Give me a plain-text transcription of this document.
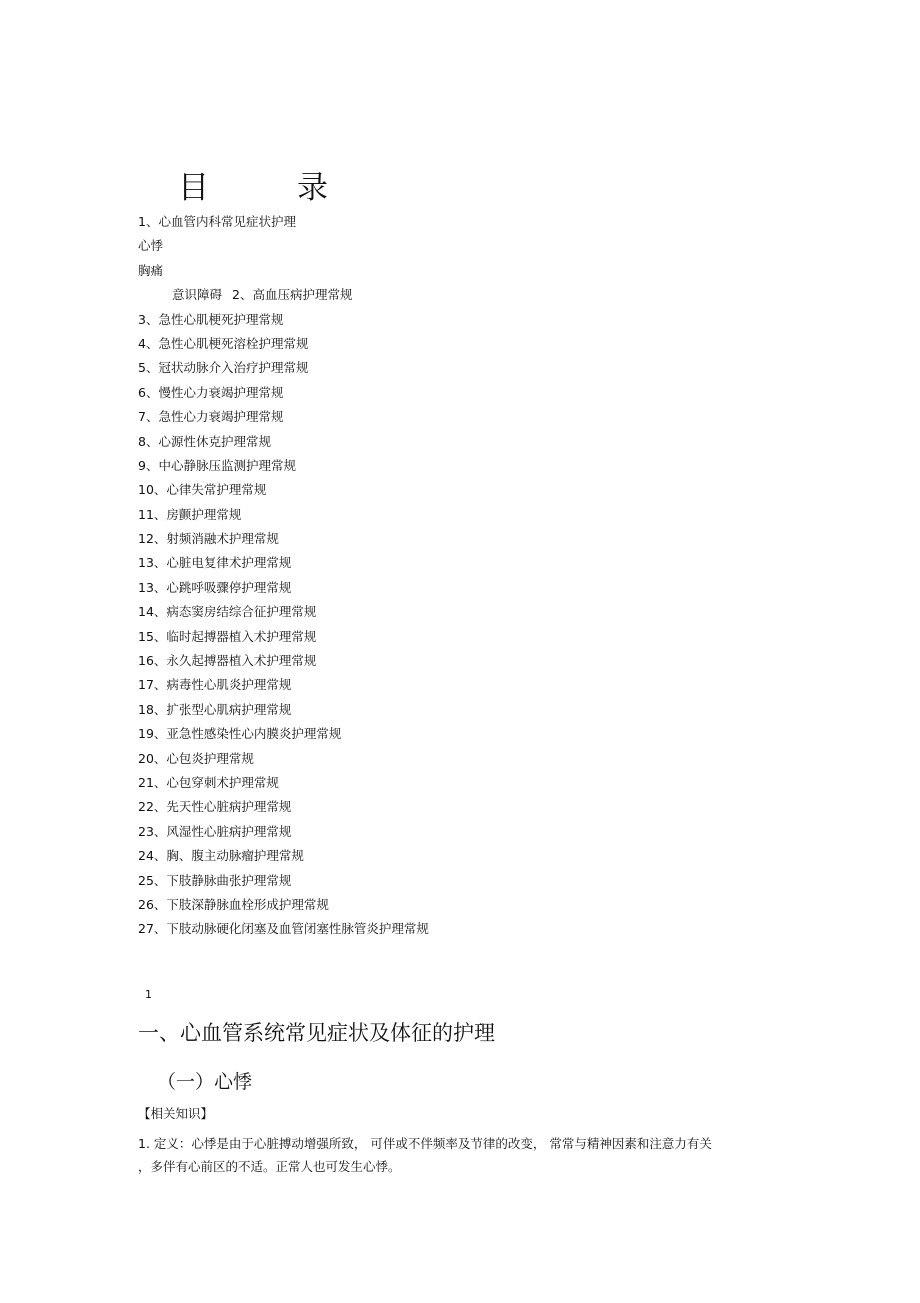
目	录
1、心血管内科常见症状护理
心悸
胸痛
意识障碍 2、高血压病护理常规
3、急性心肌梗死护理常规
4、急性心肌梗死溶栓护理常规
5、冠状动脉介入治疗护理常规
6、慢性心力衰竭护理常规
7、急性心力衰竭护理常规
8、心源性休克护理常规
9、中心静脉压监测护理常规
10、心律失常护理常规
11、房颤护理常规
12、射频消融术护理常规
13、心脏电复律术护理常规
13、心跳呼吸骤停护理常规
14、病态窦房结综合征护理常规
15、临时起搏器植入术护理常规
16、永久起搏器植入术护理常规
17、病毒性心肌炎护理常规
18、扩张型心肌病护理常规
19、亚急性感染性心内膜炎护理常规
20、心包炎护理常规
21、心包穿刺术护理常规
22、先天性心脏病护理常规
23、风湿性心脏病护理常规
24、胸、腹主动脉瘤护理常规
25、下肢静脉曲张护理常规
26、下肢深静脉血栓形成护理常规
27、下肢动脉硬化闭塞及血管闭塞性脉管炎护理常规
1
一、心血管系统常见症状及体征的护理
（一）心悸
【相关知识】
1. 定义：心悸是由于心脏搏动增强所致， 可伴或不伴频率及节律的改变， 常常与精神因素和注意力有关
，多伴有心前区的不适。正常人也可发生心悸。
